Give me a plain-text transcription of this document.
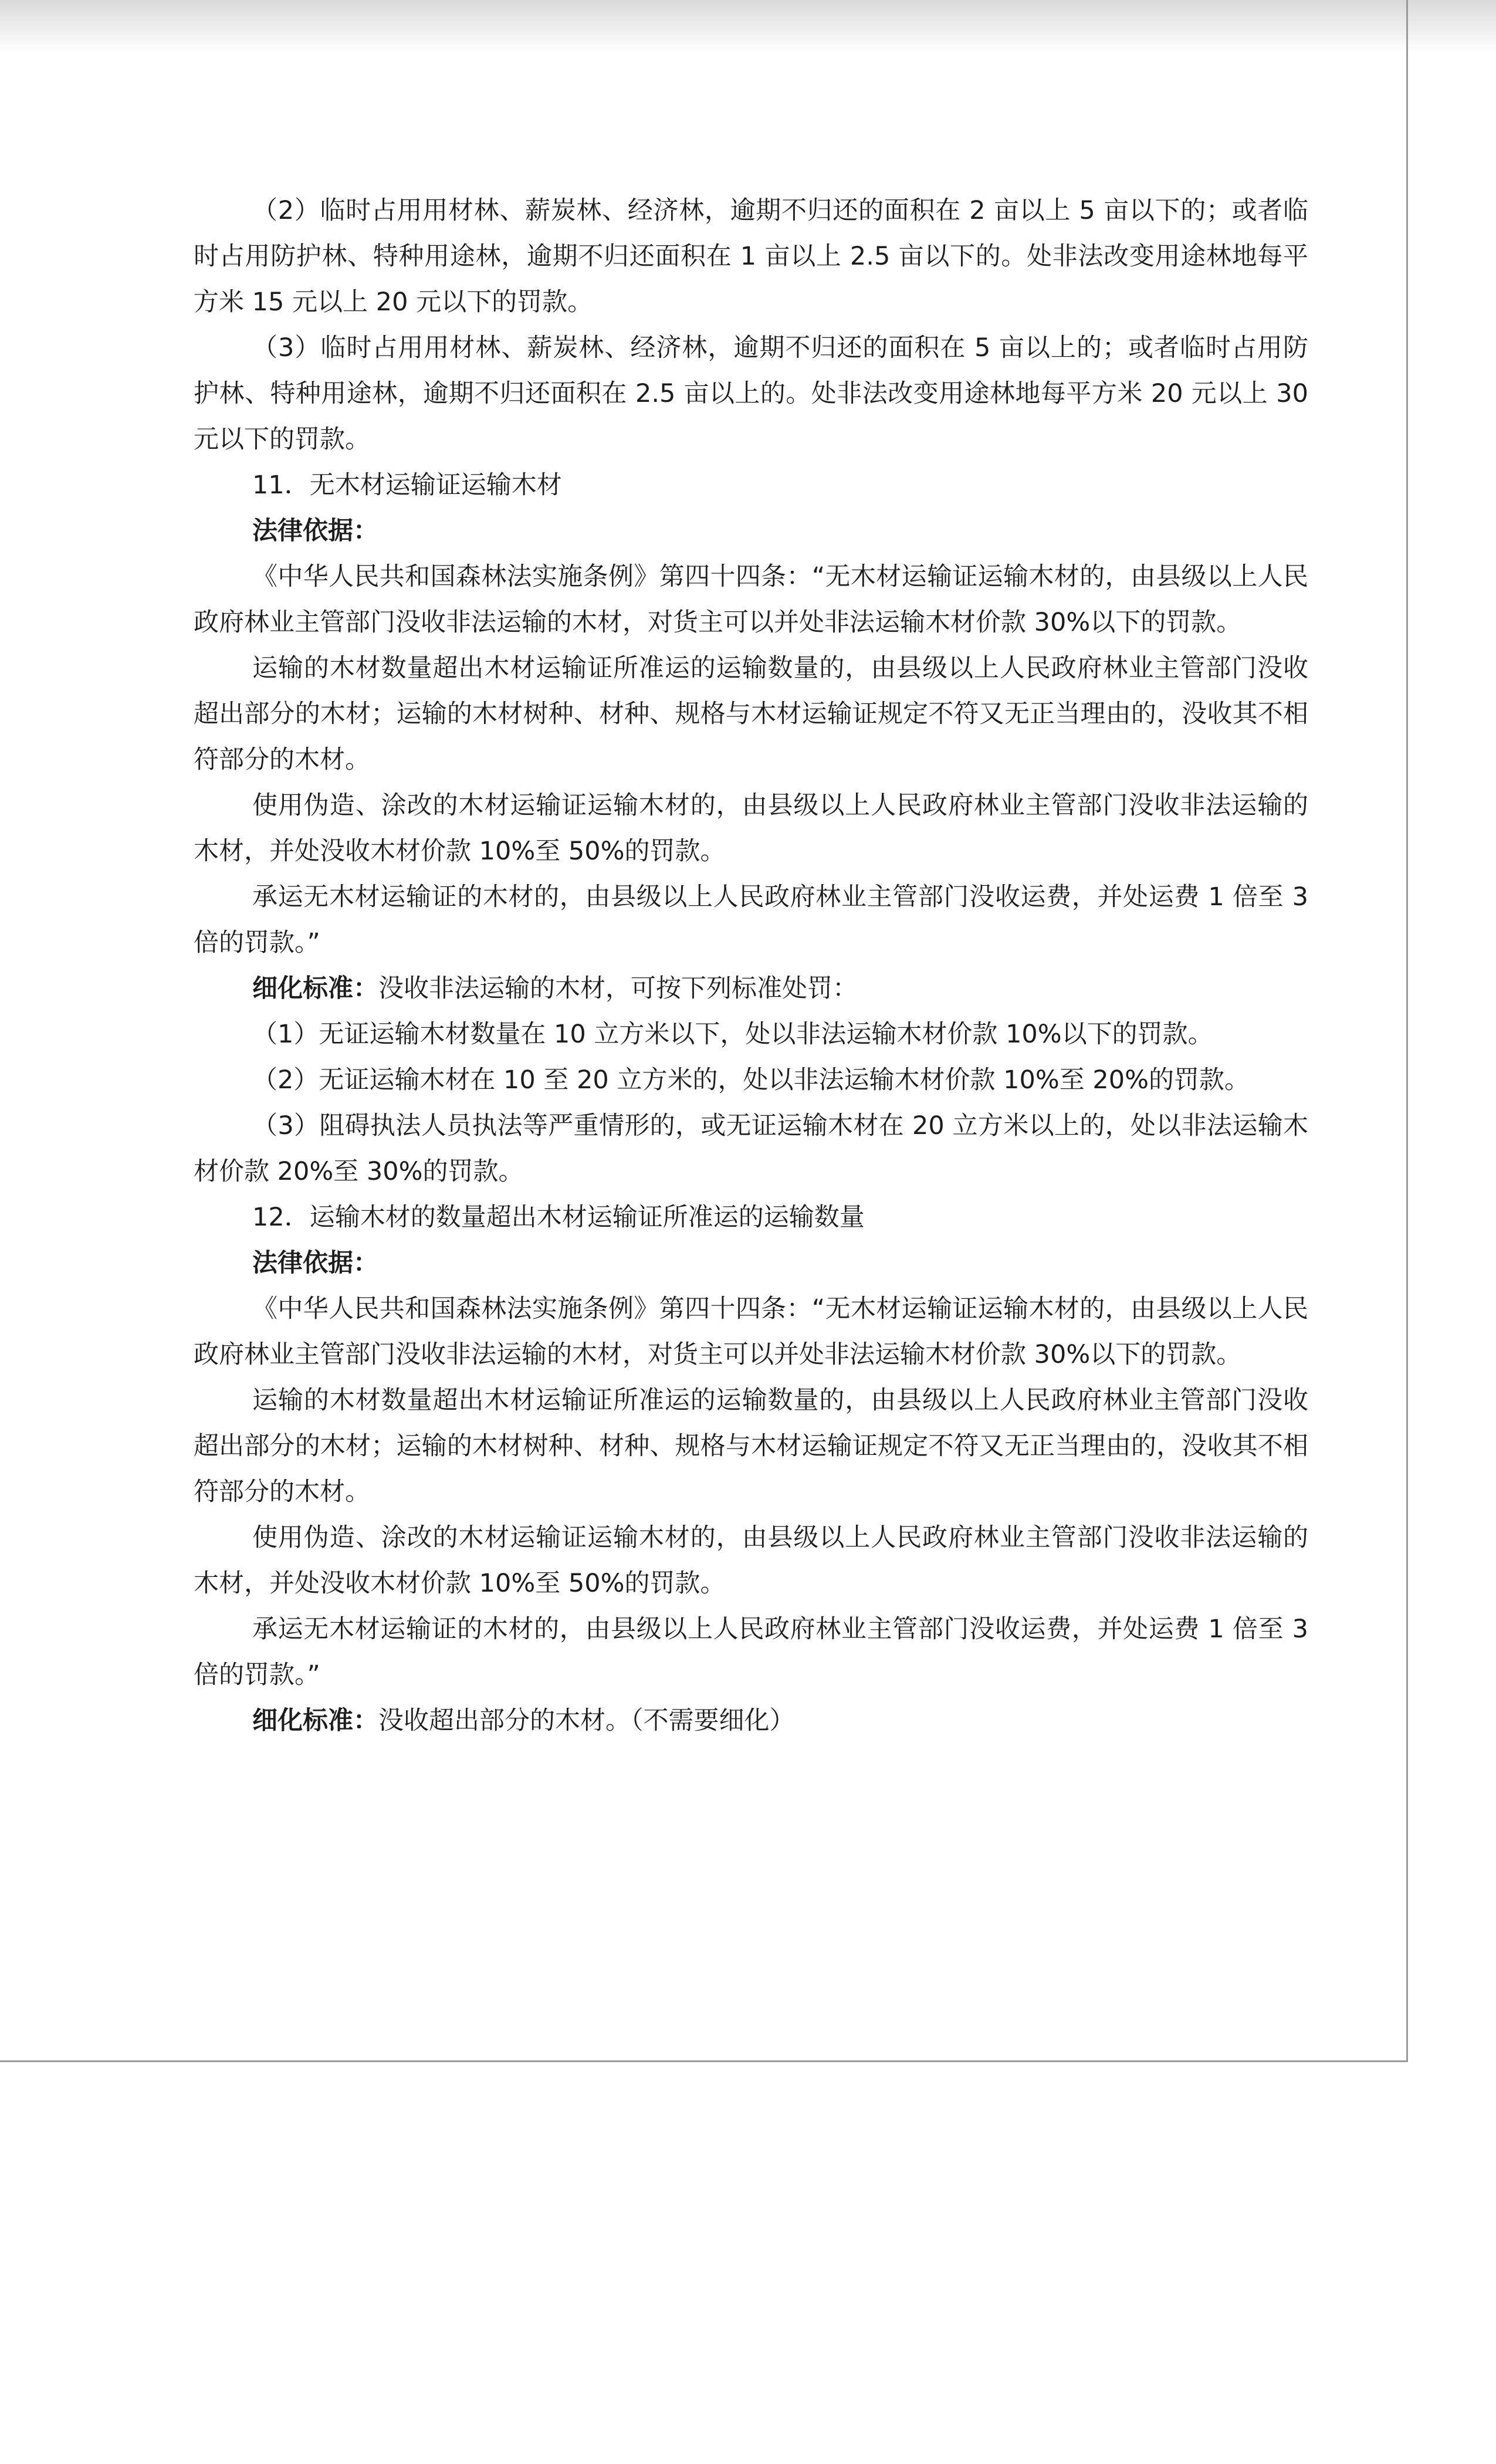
（2）临时占用用材林、薪炭林、经济林，逾期不归还的面积在 2 亩以上 5 亩以下的；或者临时占用防护林、特种用途林，逾期不归还面积在 1 亩以上 2.5 亩以下的。处非法改变用途林地每平方米 15 元以上 20 元以下的罚款。

（3）临时占用用材林、薪炭林、经济林，逾期不归还的面积在 5 亩以上的；或者临时占用防护林、特种用途林，逾期不归还面积在 2.5 亩以上的。处非法改变用途林地每平方米 20 元以上 30 元以下的罚款。

11．无木材运输证运输木材

法律依据：

《中华人民共和国森林法实施条例》第四十四条：“无木材运输证运输木材的，由县级以上人民政府林业主管部门没收非法运输的木材，对货主可以并处非法运输木材价款 30%以下的罚款。

运输的木材数量超出木材运输证所准运的运输数量的，由县级以上人民政府林业主管部门没收超出部分的木材；运输的木材树种、材种、规格与木材运输证规定不符又无正当理由的，没收其不相符部分的木材。

使用伪造、涂改的木材运输证运输木材的，由县级以上人民政府林业主管部门没收非法运输的木材，并处没收木材价款 10%至 50%的罚款。

承运无木材运输证的木材的，由县级以上人民政府林业主管部门没收运费，并处运费 1 倍至 3 倍的罚款。”

细化标准：没收非法运输的木材，可按下列标准处罚：

（1）无证运输木材数量在 10 立方米以下，处以非法运输木材价款 10%以下的罚款。

（2）无证运输木材在 10 至 20 立方米的，处以非法运输木材价款 10%至 20%的罚款。

（3）阻碍执法人员执法等严重情形的，或无证运输木材在 20 立方米以上的，处以非法运输木材价款 20%至 30%的罚款。

12．运输木材的数量超出木材运输证所准运的运输数量

法律依据：

《中华人民共和国森林法实施条例》第四十四条：“无木材运输证运输木材的，由县级以上人民政府林业主管部门没收非法运输的木材，对货主可以并处非法运输木材价款 30%以下的罚款。

运输的木材数量超出木材运输证所准运的运输数量的，由县级以上人民政府林业主管部门没收超出部分的木材；运输的木材树种、材种、规格与木材运输证规定不符又无正当理由的，没收其不相符部分的木材。

使用伪造、涂改的木材运输证运输木材的，由县级以上人民政府林业主管部门没收非法运输的木材，并处没收木材价款 10%至 50%的罚款。

承运无木材运输证的木材的，由县级以上人民政府林业主管部门没收运费，并处运费 1 倍至 3 倍的罚款。”

细化标准：没收超出部分的木材。（不需要细化）
